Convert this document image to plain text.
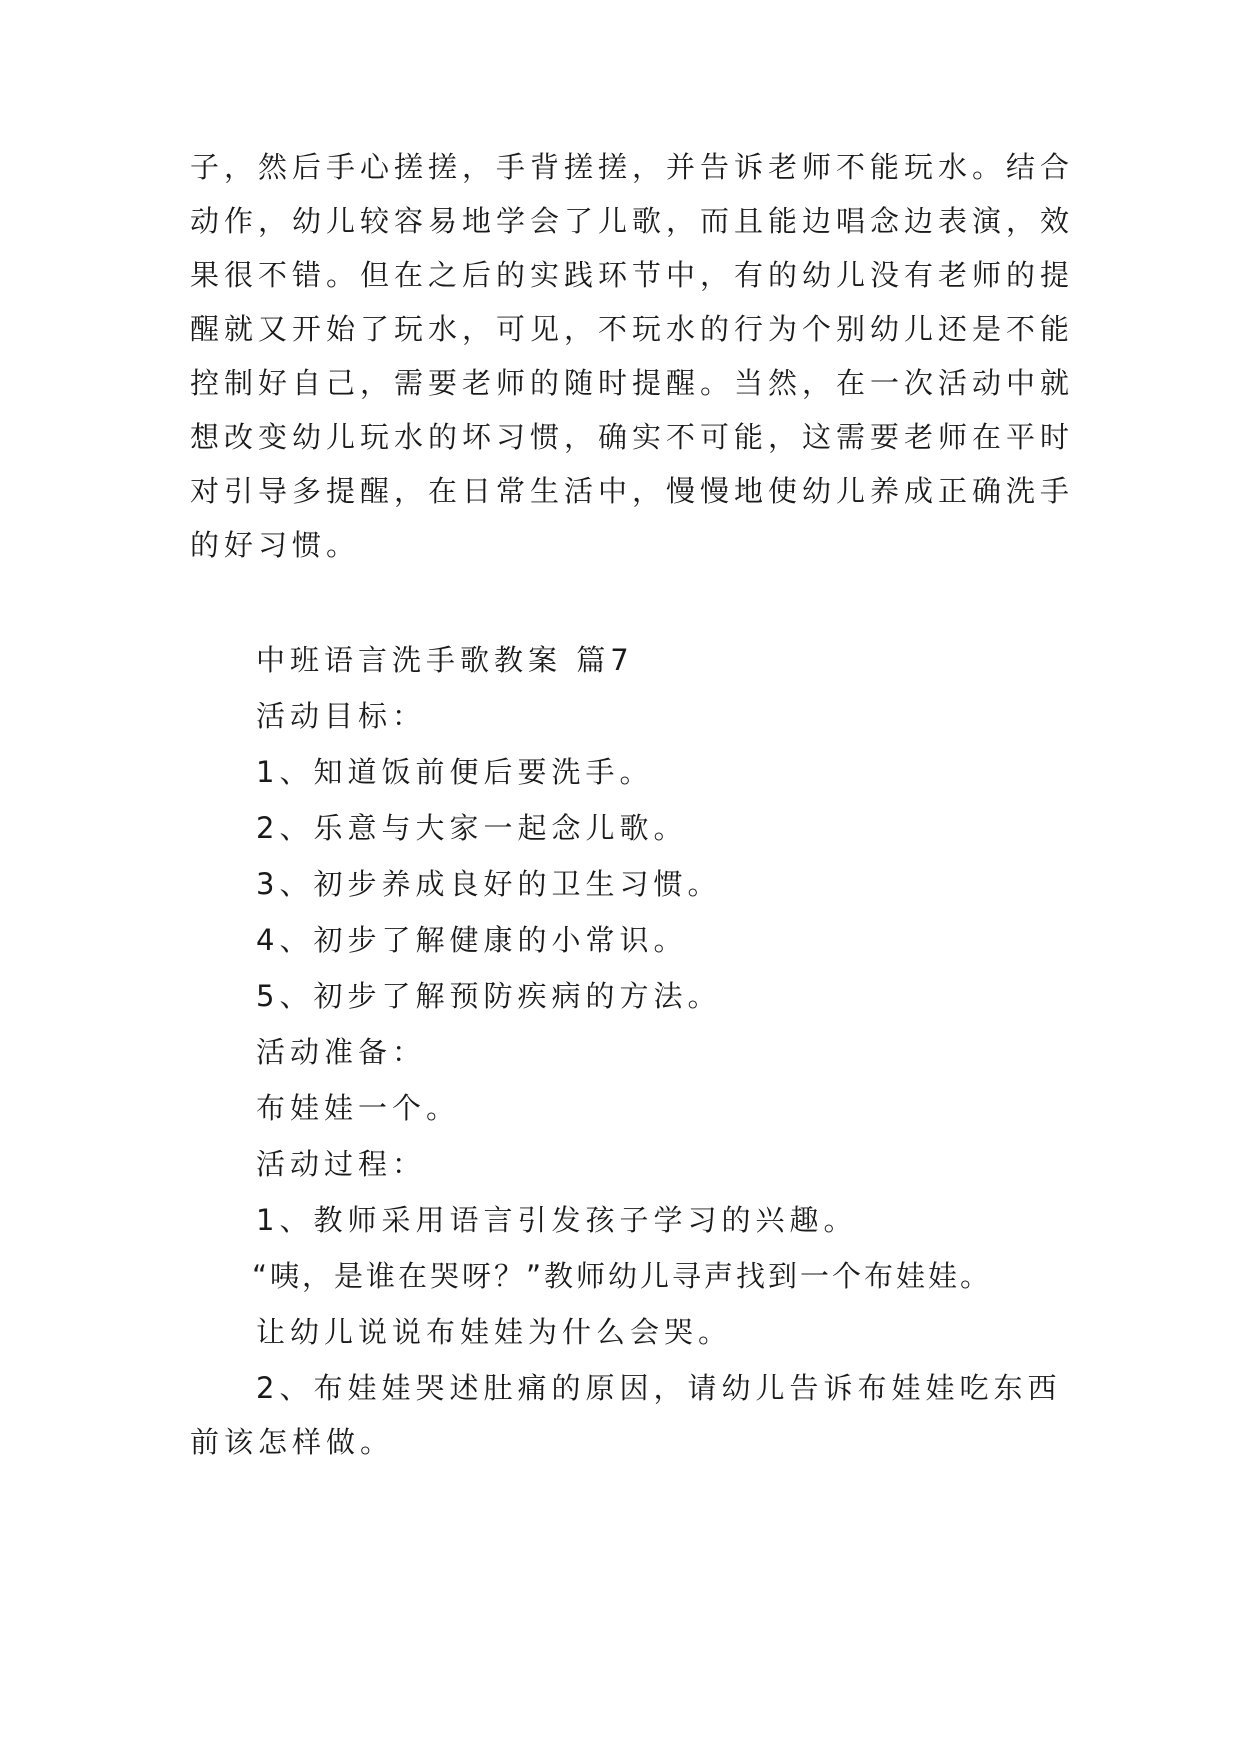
子，然后手心搓搓，手背搓搓，并告诉老师不能玩水。结合
动作，幼儿较容易地学会了儿歌，而且能边唱念边表演，效
果很不错。但在之后的实践环节中，有的幼儿没有老师的提
醒就又开始了玩水，可见，不玩水的行为个别幼儿还是不能
控制好自己，需要老师的随时提醒。当然，在一次活动中就
想改变幼儿玩水的坏习惯，确实不可能，这需要老师在平时
对引导多提醒，在日常生活中，慢慢地使幼儿养成正确洗手
的好习惯。
中班语言洗手歌教案 篇7
活动目标：
1、知道饭前便后要洗手。
2、乐意与大家一起念儿歌。
3、初步养成良好的卫生习惯。
4、初步了解健康的小常识。
5、初步了解预防疾病的方法。
活动准备：
布娃娃一个。
活动过程：
1、教师采用语言引发孩子学习的兴趣。
“咦，是谁在哭呀？”教师幼儿寻声找到一个布娃娃。
让幼儿说说布娃娃为什么会哭。
2、布娃娃哭述肚痛的原因，请幼儿告诉布娃娃吃东西
前该怎样做。
